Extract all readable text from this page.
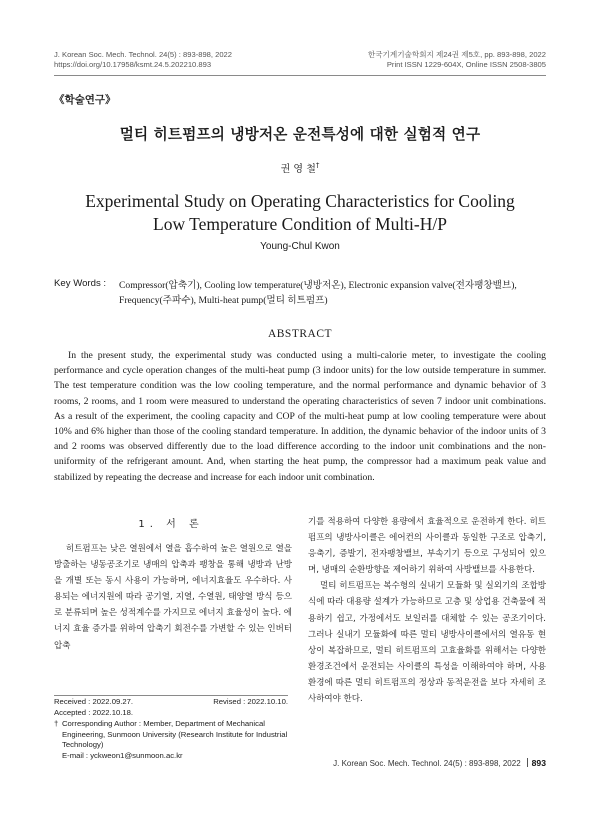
J. Korean Soc. Mech. Technol. 24(5) : 893-898, 2022
https://doi.org/10.17958/ksmt.24.5.202210.893
한국기계기술학회지 제24권 제5호, pp. 893-898, 2022
Print ISSN 1229-604X, Online ISSN 2508-3805
《학술연구》
멀티 히트펌프의 냉방저온 운전특성에 대한 실험적 연구
권 영 철†
Experimental Study on Operating Characteristics for Cooling
Low Temperature Condition of Multi-H/P
Young-Chul Kwon
Key Words : Compressor(압축기), Cooling low temperature(냉방저온), Electronic expansion valve(전자팽창밸브), Frequency(주파수), Multi-heat pump(멀티 히트펌프)
ABSTRACT

In the present study, the experimental study was conducted using a multi-calorie meter, to investigate the cooling performance and cycle operation changes of the multi-heat pump (3 indoor units) for the low outside temperature in summer. The test temperature condition was the low cooling temperature, and the normal performance and dynamic behavior of 3 rooms, 2 rooms, and 1 room were measured to understand the operating characteristics of seven 7 indoor unit combinations. As a result of the experiment, the cooling capacity and COP of the multi-heat pump at low cooling temperature were about 10% and 6% higher than those of the cooling standard temperature. In addition, the dynamic behavior of the indoor units of 3 and 2 rooms was observed differently due to the load difference according to the indoor unit combinations and the non-uniformity of the refrigerant amount. And, when starting the heat pump, the compressor had a maximum peak value and stabilized by repeating the decrease and increase for each indoor unit combination.

1. 서 론

히트펌프는 낮은 열원에서 열을 흡수하여 높은 열원으로 열을 방출하는 냉동공조기로 냉매의 압축과 팽창을 통해 냉방과 난방을 개별 또는 동시 사용이 가능하며, 에너지효율도 우수하다. 사용되는 에너지원에 따라 공기열, 지열, 수열원, 태양열 방식 등으로 분류되며 높은 성적계수를 가지므로 에너지 효율성이 높다. 에너지 효율 증가를 위하여 압축기 회전수를 가변할 수 있는 인버터압축

기를 적용하여 다양한 용량에서 효율적으로 운전하게 한다. 히트펌프의 냉방사이클은 에어컨의 사이클과 동일한 구조로 압축기, 응축기, 증발기, 전자팽창밸브, 부속기기 등으로 구성되어 있으며, 냉매의 순환방향을 제어하기 위하여 사방밸브를 사용한다.

멀티 히트펌프는 복수형의 실내기 모듈화 및 실외기의 조합방식에 따라 대용량 설계가 가능하므로 고층 및 상업용 건축물에 적용하기 쉽고, 가정에서도 보일러를 대체할 수 있는 공조기이다. 그러나 실내기 모듈화에 따른 멀티 냉방사이클에서의 열유동 현상이 복잡하므로, 멀티 히트펌프의 고효율화를 위해서는 다양한 환경조건에서 운전되는 사이클의 특성을 이해하여야 하며, 사용 환경에 따른 멀티 히트펌프의 정상과 동적운전을 보다 자세히 조사하여야 한다.

Received : 2022.09.27.	Revised : 2022.10.10.
Accepted : 2022.10.18.
† Corresponding Author : Member, Department of Mechanical Engineering, Sunmoon University (Research Institute for Industrial Technology)
E-mail : yckweon1@sunmoon.ac.kr
J. Korean Soc. Mech. Technol. 24(5) : 893-898, 2022 893
